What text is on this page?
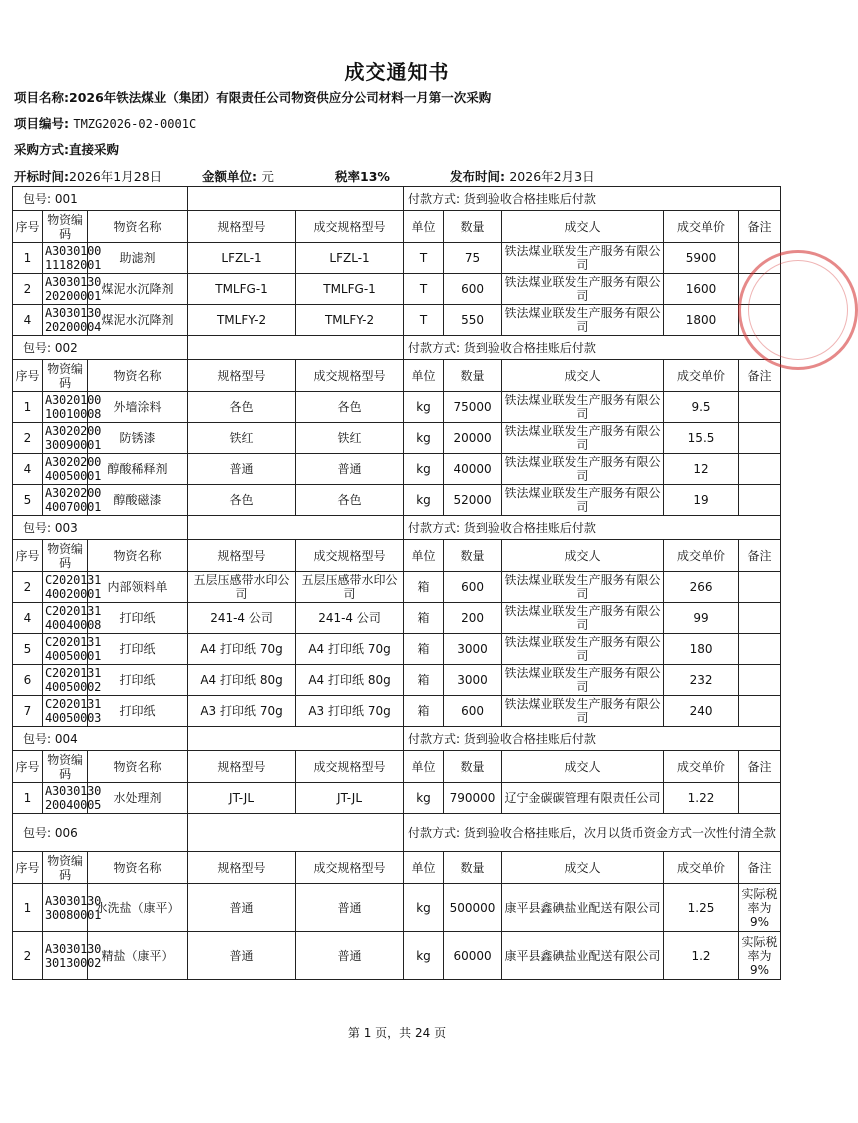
成交通知书
项目名称:2026年铁法煤业（集团）有限责任公司物资供应分公司材料一月第一次采购
项目编号: TMZG2026-02-0001C
采购方式:直接采购
开标时间:2026年1月28日	金额单位: 元	税率13%	发布时间: 2026年2月3日
包号: 001					付款方式: 货到验收合格挂账后付款				
序号	物资编码	物资名称	规格型号	成交规格型号	单位	数量	成交人	成交单价	备注
1	A3030100 11182001	助滤剂	LFZL-1	LFZL-1	T	75	铁法煤业联发生产服务有限公司	5900	
2	A3030130 20200001	煤泥水沉降剂	TMLFG-1	TMLFG-1	T	600	铁法煤业联发生产服务有限公司	1600	
4	A3030130 20200004	煤泥水沉降剂	TMLFY-2	TMLFY-2	T	550	铁法煤业联发生产服务有限公司	1800	
包号: 002					付款方式: 货到验收合格挂账后付款				
序号	物资编码	物资名称	规格型号	成交规格型号	单位	数量	成交人	成交单价	备注
1	A3020100 10010008	外墙涂料	各色	各色	kg	75000	铁法煤业联发生产服务有限公司	9.5	
2	A3020200 30090001	防锈漆	铁红	铁红	kg	20000	铁法煤业联发生产服务有限公司	15.5	
4	A3020200 40050001	醇酸稀释剂	普通	普通	kg	40000	铁法煤业联发生产服务有限公司	12	
5	A3020200 40070001	醇酸磁漆	各色	各色	kg	52000	铁法煤业联发生产服务有限公司	19	
包号: 003					付款方式: 货到验收合格挂账后付款				
序号	物资编码	物资名称	规格型号	成交规格型号	单位	数量	成交人	成交单价	备注
2	C2020131 40020001	内部领料单	五层压感带水印公司	五层压感带水印公司	箱	600	铁法煤业联发生产服务有限公司	266	
4	C2020131 40040008	打印纸	241-4 公司	241-4 公司	箱	200	铁法煤业联发生产服务有限公司	99	
5	C2020131 40050001	打印纸	A4 打印纸 70g	A4 打印纸 70g	箱	3000	铁法煤业联发生产服务有限公司	180	
6	C2020131 40050002	打印纸	A4 打印纸 80g	A4 打印纸 80g	箱	3000	铁法煤业联发生产服务有限公司	232	
7	C2020131 40050003	打印纸	A3 打印纸 70g	A3 打印纸 70g	箱	600	铁法煤业联发生产服务有限公司	240	
包号: 004					付款方式: 货到验收合格挂账后付款				
序号	物资编码	物资名称	规格型号	成交规格型号	单位	数量	成交人	成交单价	备注
1	A3030130 20040005	水处理剂	JT-JL	JT-JL	kg	790000	辽宁金碳碳管理有限责任公司	1.22	
包号: 006					付款方式: 货到验收合格挂账后，次月以货币资金方式一次性付清全款				
序号	物资编码	物资名称	规格型号	成交规格型号	单位	数量	成交人	成交单价	备注
1	A3030130 30080001	水洗盐（康平）	普通	普通	kg	500000	康平县鑫碘盐业配送有限公司	1.25	实际税率为9%
2	A3030130 30130002	精盐（康平）	普通	普通	kg	60000	康平县鑫碘盐业配送有限公司	1.2	实际税率为9%
第 1 页，共 24 页
